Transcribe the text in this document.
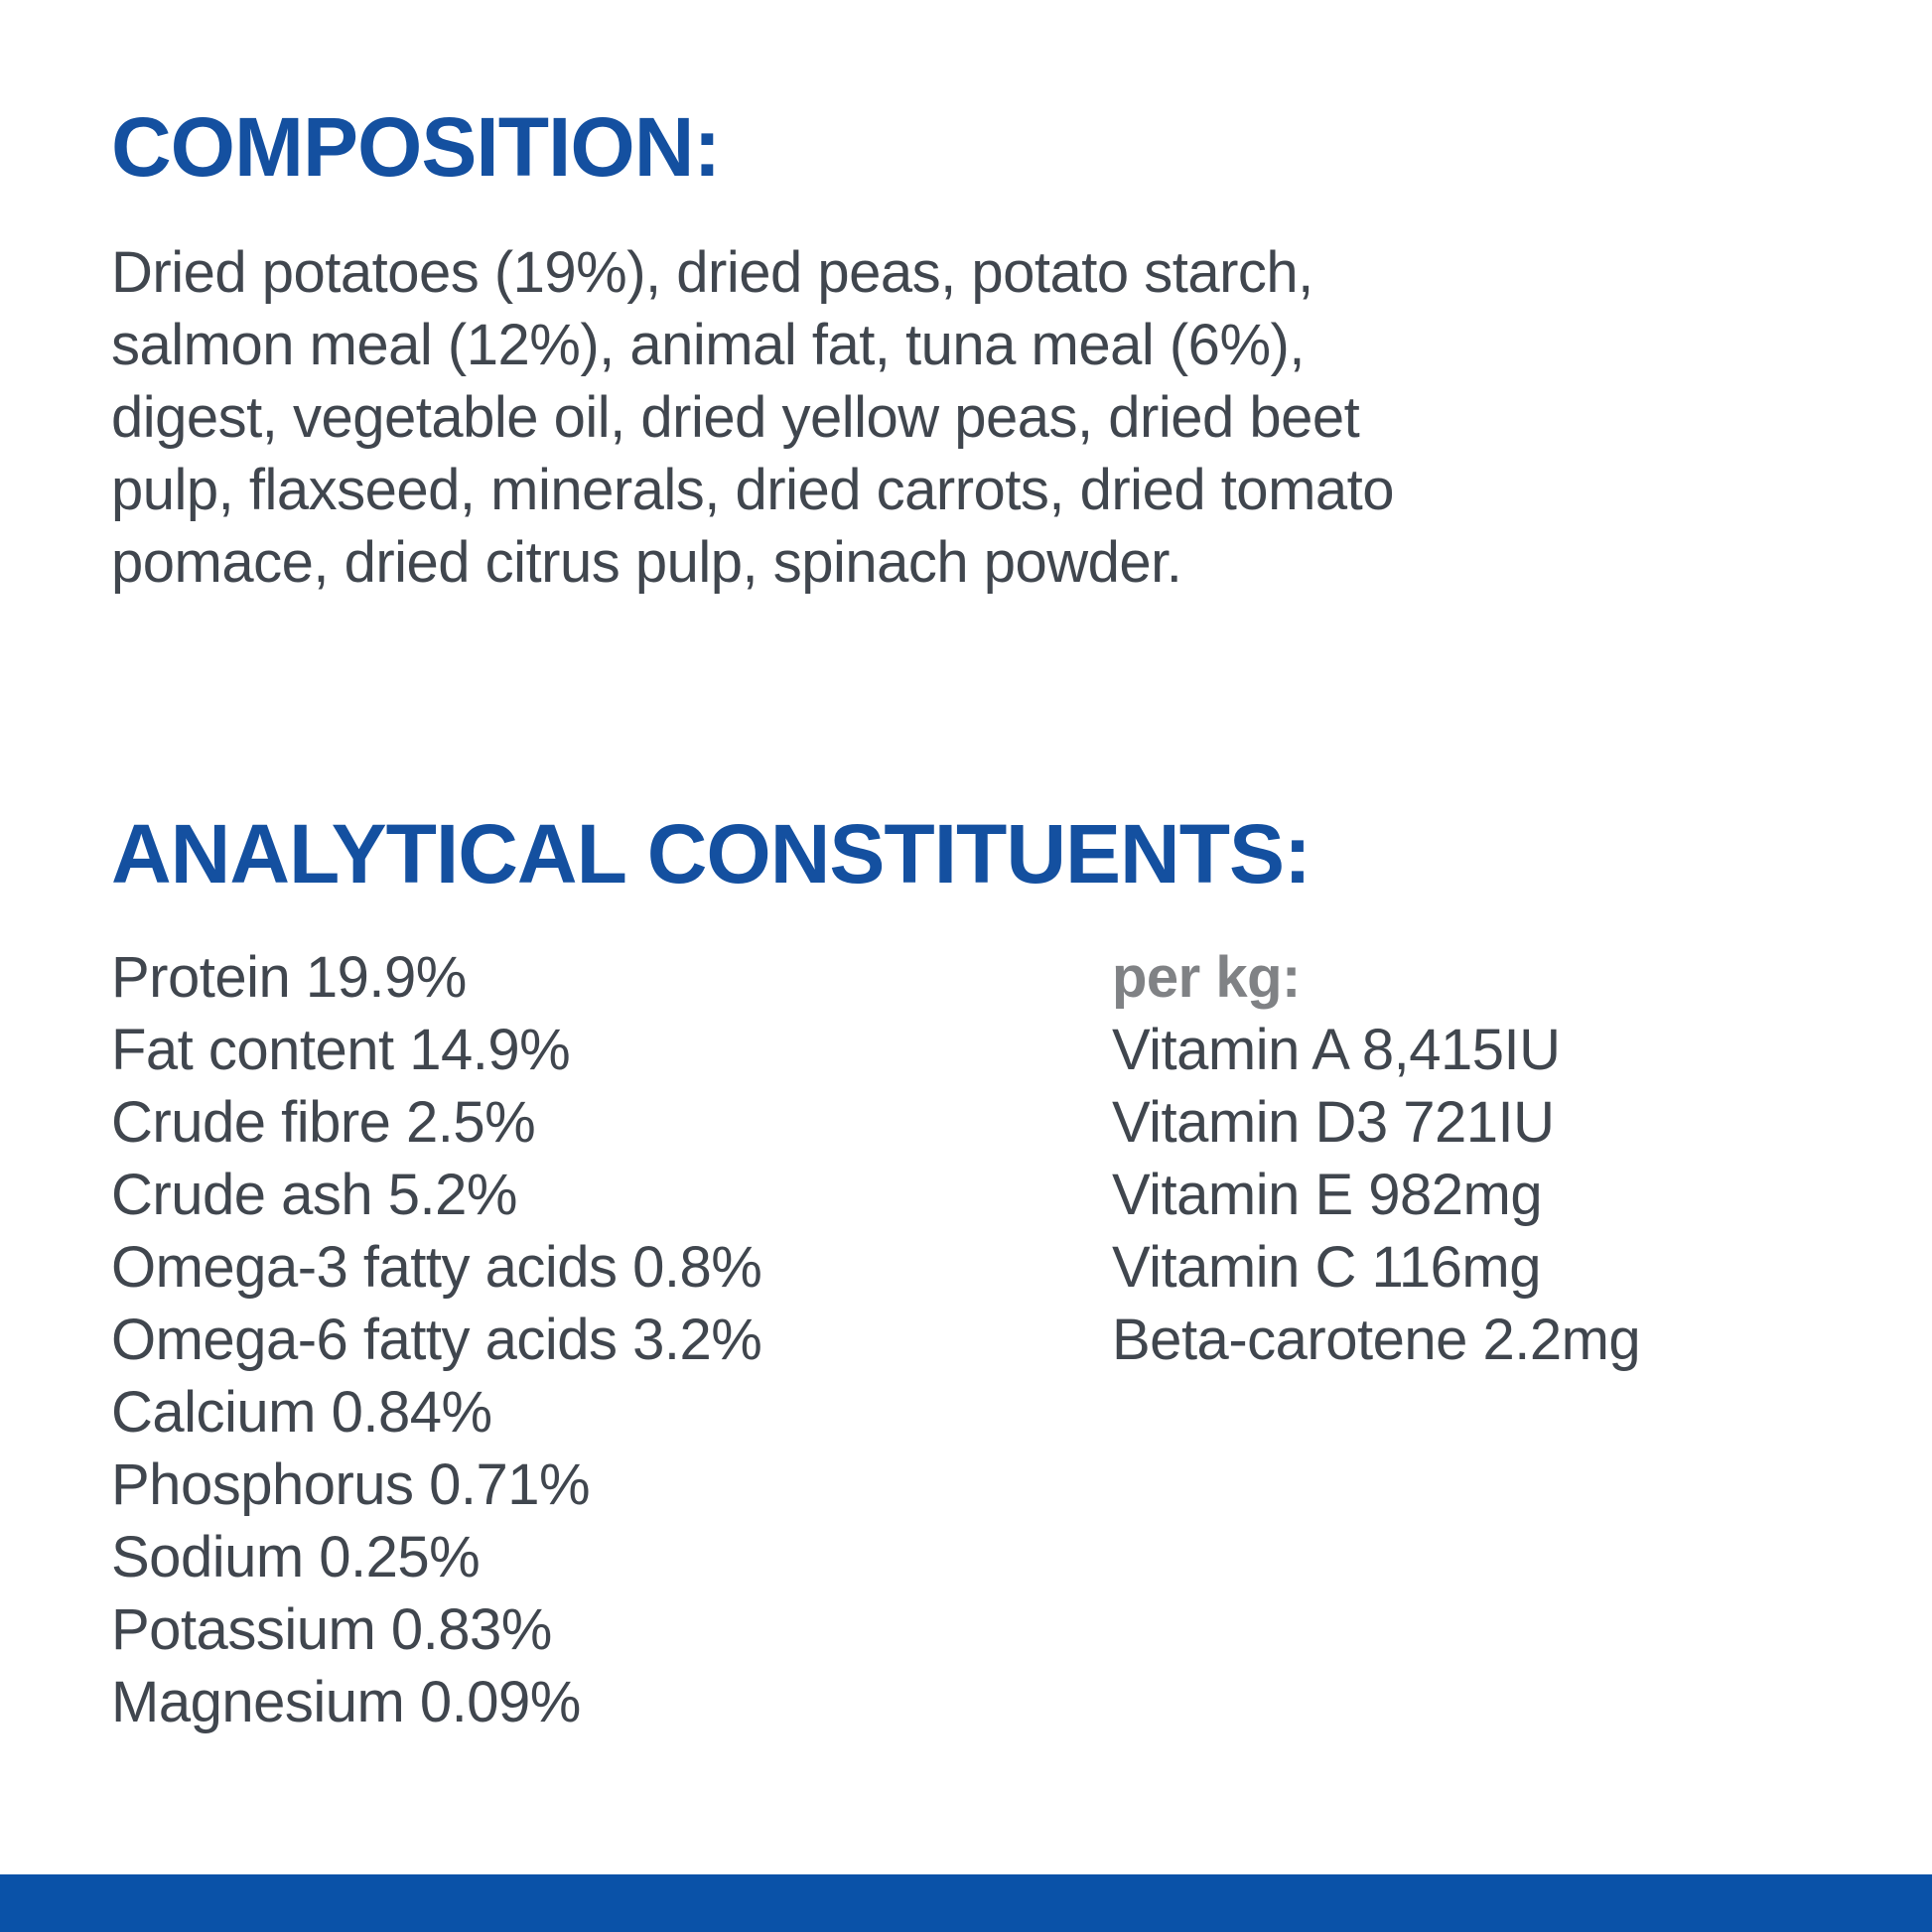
COMPOSITION:

Dried potatoes (19%), dried peas, potato starch,
salmon meal (12%), animal fat, tuna meal (6%),
digest, vegetable oil, dried yellow peas, dried beet
pulp, flaxseed, minerals, dried carrots, dried tomato
pomace, dried citrus pulp, spinach powder.

ANALYTICAL CONSTITUENTS:
Protein 19.9%
Fat content 14.9%
Crude fibre 2.5%
Crude ash 5.2%
Omega-3 fatty acids 0.8%
Omega-6 fatty acids 3.2%
Calcium 0.84%
Phosphorus 0.71%
Sodium 0.25%
Potassium 0.83%
Magnesium 0.09%
per kg:
Vitamin A 8,415IU
Vitamin D3 721IU
Vitamin E 982mg
Vitamin C 116mg
Beta-carotene 2.2mg
